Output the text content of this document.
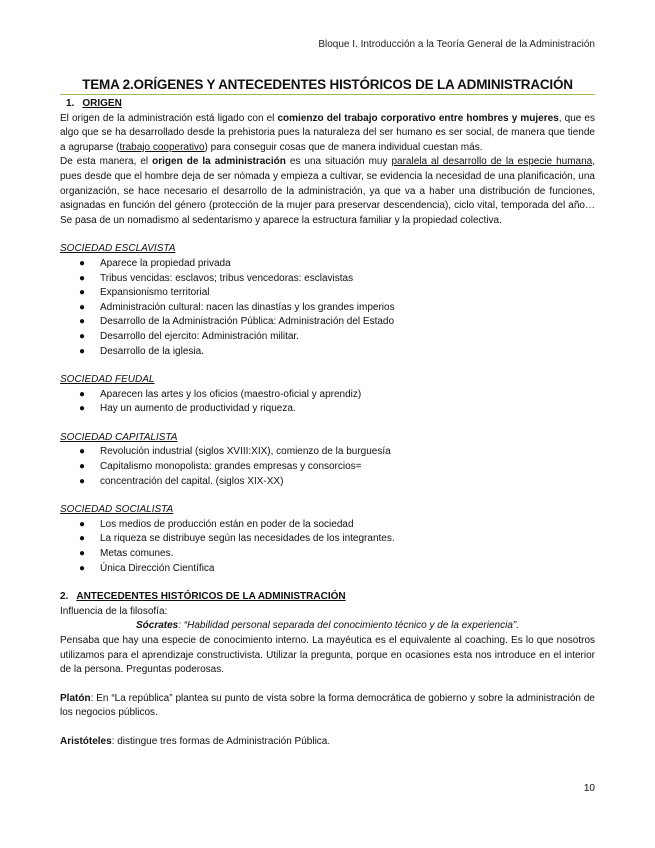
Bloque I. Introducción a la Teoría General de la Administración
TEMA 2.ORÍGENES Y ANTECEDENTES HISTÓRICOS DE LA ADMINISTRACIÓN
1. ORIGEN

El origen de la administración está ligado con el comienzo del trabajo corporativo entre hombres y mujeres, que es algo que se ha desarrollado desde la prehistoria pues la naturaleza del ser humano es ser social, de manera que tiende a agruparse (trabajo cooperativo) para conseguir cosas que de manera individual cuestan más.

De esta manera, el origen de la administración es una situación muy paralela al desarrollo de la especie humana, pues desde que el hombre deja de ser nómada y empieza a cultivar, se evidencia la necesidad de una planificación, una organización, se hace necesario el desarrollo de la administración, ya que va a haber una distribución de funciones, asignadas en función del género (protección de la mujer para preservar descendencia), ciclo vital, temporada del año… Se pasa de un nomadismo al sedentarismo y aparece la estructura familiar y la propiedad colectiva.

SOCIEDAD ESCLAVISTA
● Aparece la propiedad privada
● Tribus vencidas: esclavos; tribus vencedoras: esclavistas
● Expansionismo territorial
● Administración cultural: nacen las dinastías y los grandes imperios
● Desarrollo de la Administración Pública: Administración del Estado
● Desarrollo del ejercito: Administración militar.
● Desarrollo de la iglesia.
SOCIEDAD FEUDAL
● Aparecen las artes y los oficios (maestro-oficial y aprendiz)
● Hay un aumento de productividad y riqueza.
SOCIEDAD CAPITALISTA
● Revolución industrial (siglos XVIII:XIX), comienzo de la burguesía
● Capitalismo monopolista: grandes empresas y consorcios=
● concentración del capital. (siglos XIX-XX)
SOCIEDAD SOCIALISTA
● Los medios de producción están en poder de la sociedad
● La riqueza se distribuye según las necesidades de los integrantes.
● Metas comunes.
● Única Dirección Científica
2. ANTECEDENTES HISTÓRICOS DE LA ADMINISTRACIÓN
Influencia de la filosofía:
Sócrates: “Habilidad personal separada del conocimiento técnico y de la experiencia”.

Pensaba que hay una especie de conocimiento interno. La mayéutica es el equivalente al coaching. Es lo que nosotros utilizamos para el aprendizaje constructivista. Utilizar la pregunta, porque en ocasiones esta nos introduce en el interior de la persona. Preguntas poderosas.

Platón: En “La república” plantea su punto de vista sobre la forma democrática de gobierno y sobre la administración de los negocios públicos.

Aristóteles: distingue tres formas de Administración Pública.

10
